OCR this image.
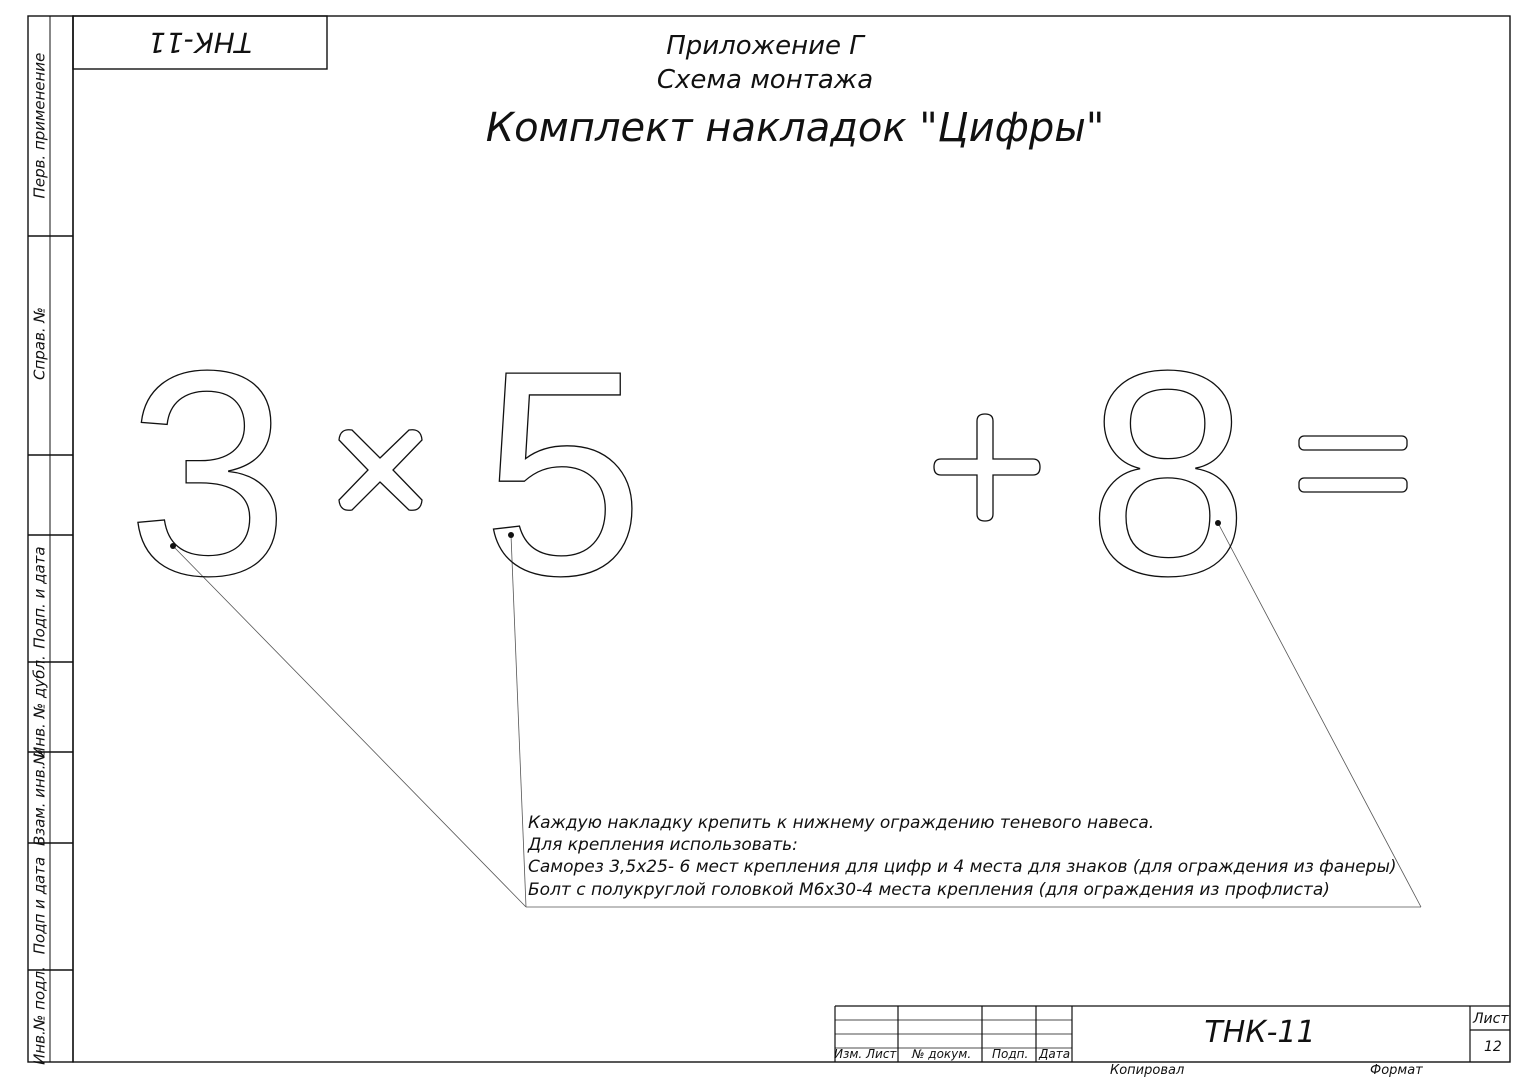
3 5 8
ТНК-11	Приложение Г
Схема монтажа
Комплект накладок "Цифры"
Перв. применение
Справ. №
Подп. и дата
Инв. № дубл.
Взам. инв.№
Подп и дата
Инв.№ подл.
Каждую накладку крепить к нижнему ограждению теневого навеса.
Для крепления использовать:
Саморез 3,5х25- 6 мест крепления для цифр и 4 места для знаков (для ограждения из фанеры)
Болт с полукруглой головкой М6х30-4 места крепления (для ограждения из профлиста)
ТНК-11
Изм. Лист № докум. Подп. Дата
Лист
12
Копировал	Формат
